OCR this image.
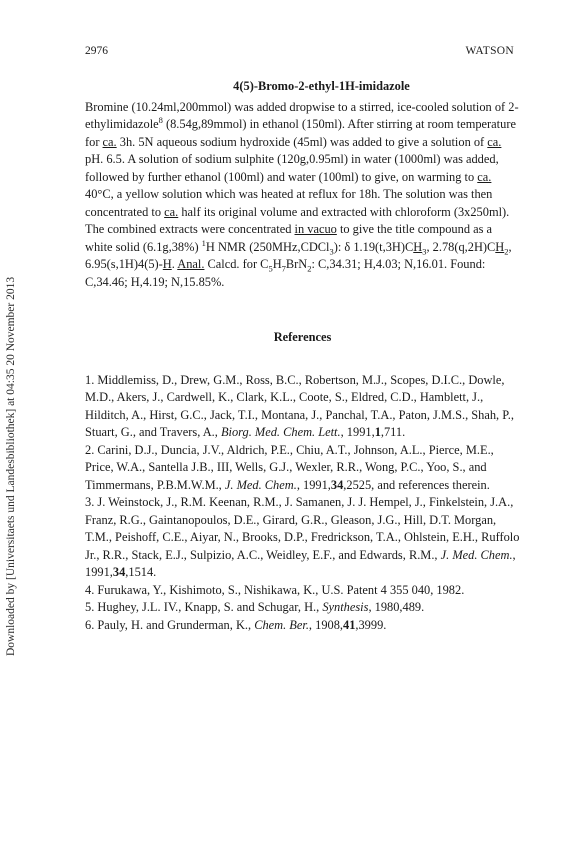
2976	WATSON
Downloaded by [Universitaets und Landesbibliothek] at 04:35 20 November 2013

4(5)-Bromo-2-ethyl-1H-imidazole

Bromine (10.24ml,200mmol) was added dropwise to a stirred, ice-cooled solution of 2-ethylimidazole$^8$ (8.54g,89mmol) in ethanol (150ml). After stirring at room temperature for ca. 3h. 5N aqueous sodium hydroxide (45ml) was added to give a solution of ca. pH. 6.5. A solution of sodium sulphite (120g,0.95ml) in water (1000ml) was added, followed by further ethanol (100ml) and water (100ml) to give, on warming to ca. 40°C, a yellow solution which was heated at reflux for 18h. The solution was then concentrated to ca. half its original volume and extracted with chloroform (3x250ml). The combined extracts were concentrated in vacuo to give the title compound as a white solid (6.1g,38%) $^1$H NMR (250MHz,CDCl$_3$): δ $1.19(t,3H)CH_3$, $2.78(q,2H)CH_2$, 6.95(s,1H)4(5)-H. Anal. Calcd. for $C_5H_7BrN_2$: C,34.31; H,4.03; N,16.01. Found: C,34.46; H,4.19; N,15.85%.

References

1. Middlemiss, D., Drew, G.M., Ross, B.C., Robertson, M.J., Scopes, D.I.C., Dowle, M.D., Akers, J., Cardwell, K., Clark, K.L., Coote, S., Eldred, C.D., Hamblett, J., Hilditch, A., Hirst, G.C., Jack, T.I., Montana, J., Panchal, T.A., Paton, J.M.S., Shah, P., Stuart, G., and Travers, A., Biorg. Med. Chem. Lett., 1991,1,711.

2. Carini, D.J., Duncia, J.V., Aldrich, P.E., Chiu, A.T., Johnson, A.L., Pierce, M.E., Price, W.A., Santella J.B., III, Wells, G.J., Wexler, R.R., Wong, P.C., Yoo, S., and Timmermans, P.B.M.W.M., J. Med. Chem., 1991,34,2525, and references therein.

3. J. Weinstock, J., R.M. Keenan, R.M., J. Samanen, J. J. Hempel, J., Finkelstein, J.A., Franz, R.G., Gaintanopoulos, D.E., Girard, G.R., Gleason, J.G., Hill, D.T. Morgan, T.M., Peishoff, C.E., Aiyar, N., Brooks, D.P., Fredrickson, T.A., Ohlstein, E.H., Ruffolo Jr., R.R., Stack, E.J., Sulpizio, A.C., Weidley, E.F., and Edwards, R.M., J. Med. Chem., 1991,34,1514.

4. Furukawa, Y., Kishimoto, S., Nishikawa, K., U.S. Patent 4 355 040, 1982.

5. Hughey, J.L. IV., Knapp, S. and Schugar, H., Synthesis, 1980,489.

6. Pauly, H. and Grunderman, K., Chem. Ber., 1908,41,3999.
